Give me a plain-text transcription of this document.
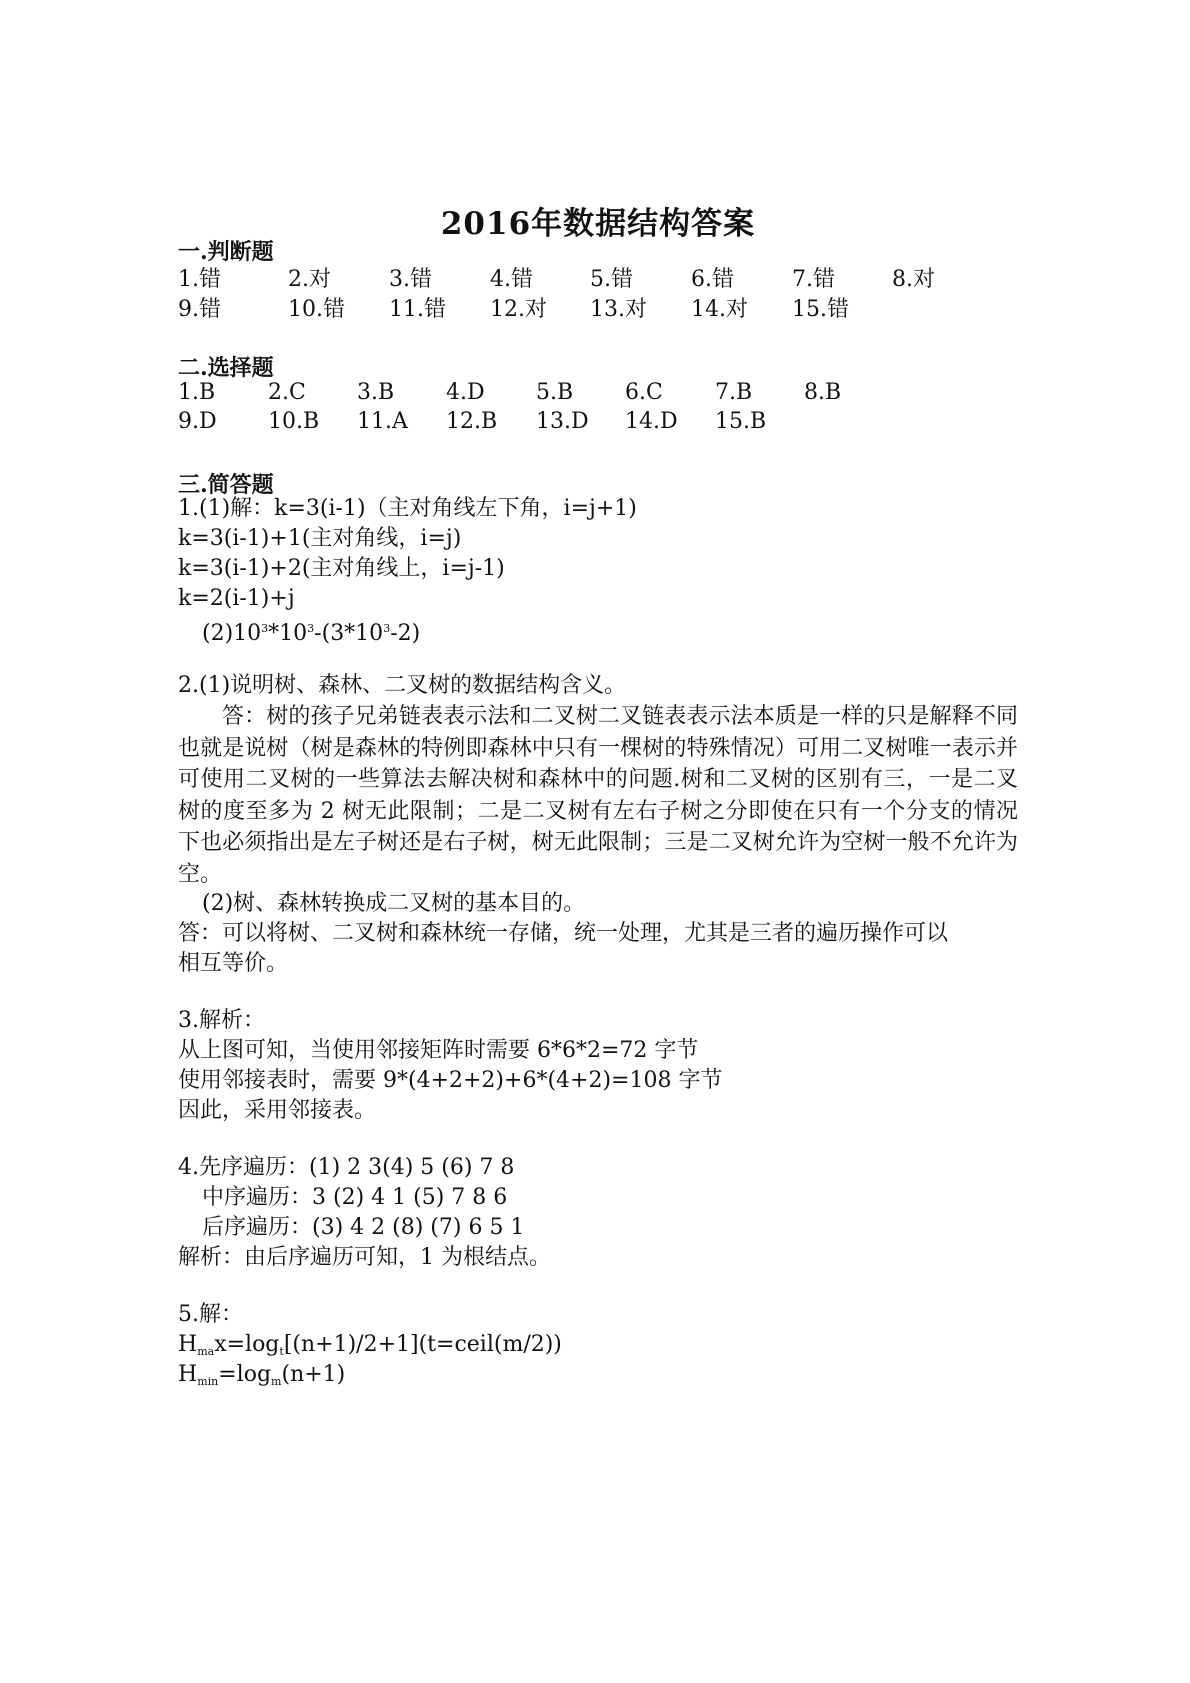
2016年数据结构答案
一.判断题
1.错	2.对	3.错	4.错	5.错	6.错	7.错	8.对
9.错	10.错 11.错 12.对 13.对 14.对 15.错
二.选择题
1.B 2.C 3.B 4.D 5.B 6.C 7.B 8.B
9.D 10.B 11.A 12.B 13.D 14.D 15.B
三.简答题
1.(1)解：k=3(i-1)（主对角线左下角，i=j+1)
k=3(i-1)+1(主对角线，i=j)
k=3(i-1)+2(主对角线上，i=j-1)
k=2(i-1)+j
$(2)10^3*10^3-(3*10^3-2)$
2.(1)说明树、森林、二叉树的数据结构含义。
答：树的孩子兄弟链表表示法和二叉树二叉链表表示法本质是一样的只是解释不同也就是说树（树是森林的特例即森林中只有一棵树的特殊情况）可用二叉树唯一表示并可使用二叉树的一些算法去解决树和森林中的问题.树和二叉树的区别有三，一是二叉树的度至多为 2 树无此限制；二是二叉树有左右子树之分即使在只有一个分支的情况下也必须指出是左子树还是右子树，树无此限制；三是二叉树允许为空树一般不允许为空。
(2)树、森林转换成二叉树的基本目的。
答：可以将树、二叉树和森林统一存储，统一处理，尤其是三者的遍历操作可以
相互等价。
3.解析：
从上图可知，当使用邻接矩阵时需要 6*6*2=72 字节
使用邻接表时，需要 9*(4+2+2)+6*(4+2)=108 字节
因此，采用邻接表。
4.先序遍历：(1) 2 3(4) 5 (6) 7 8
中序遍历：3 (2) 4 1 (5) 7 8 6
后序遍历：(3) 4 2 (8) (7) 6 5 1
解析：由后序遍历可知，1 为根结点。
5.解：
$H_{ma}x=\log_t[(n+1)/2+1](t=ceil(m/2))$
$H_{min}=\log_m(n+1)$
